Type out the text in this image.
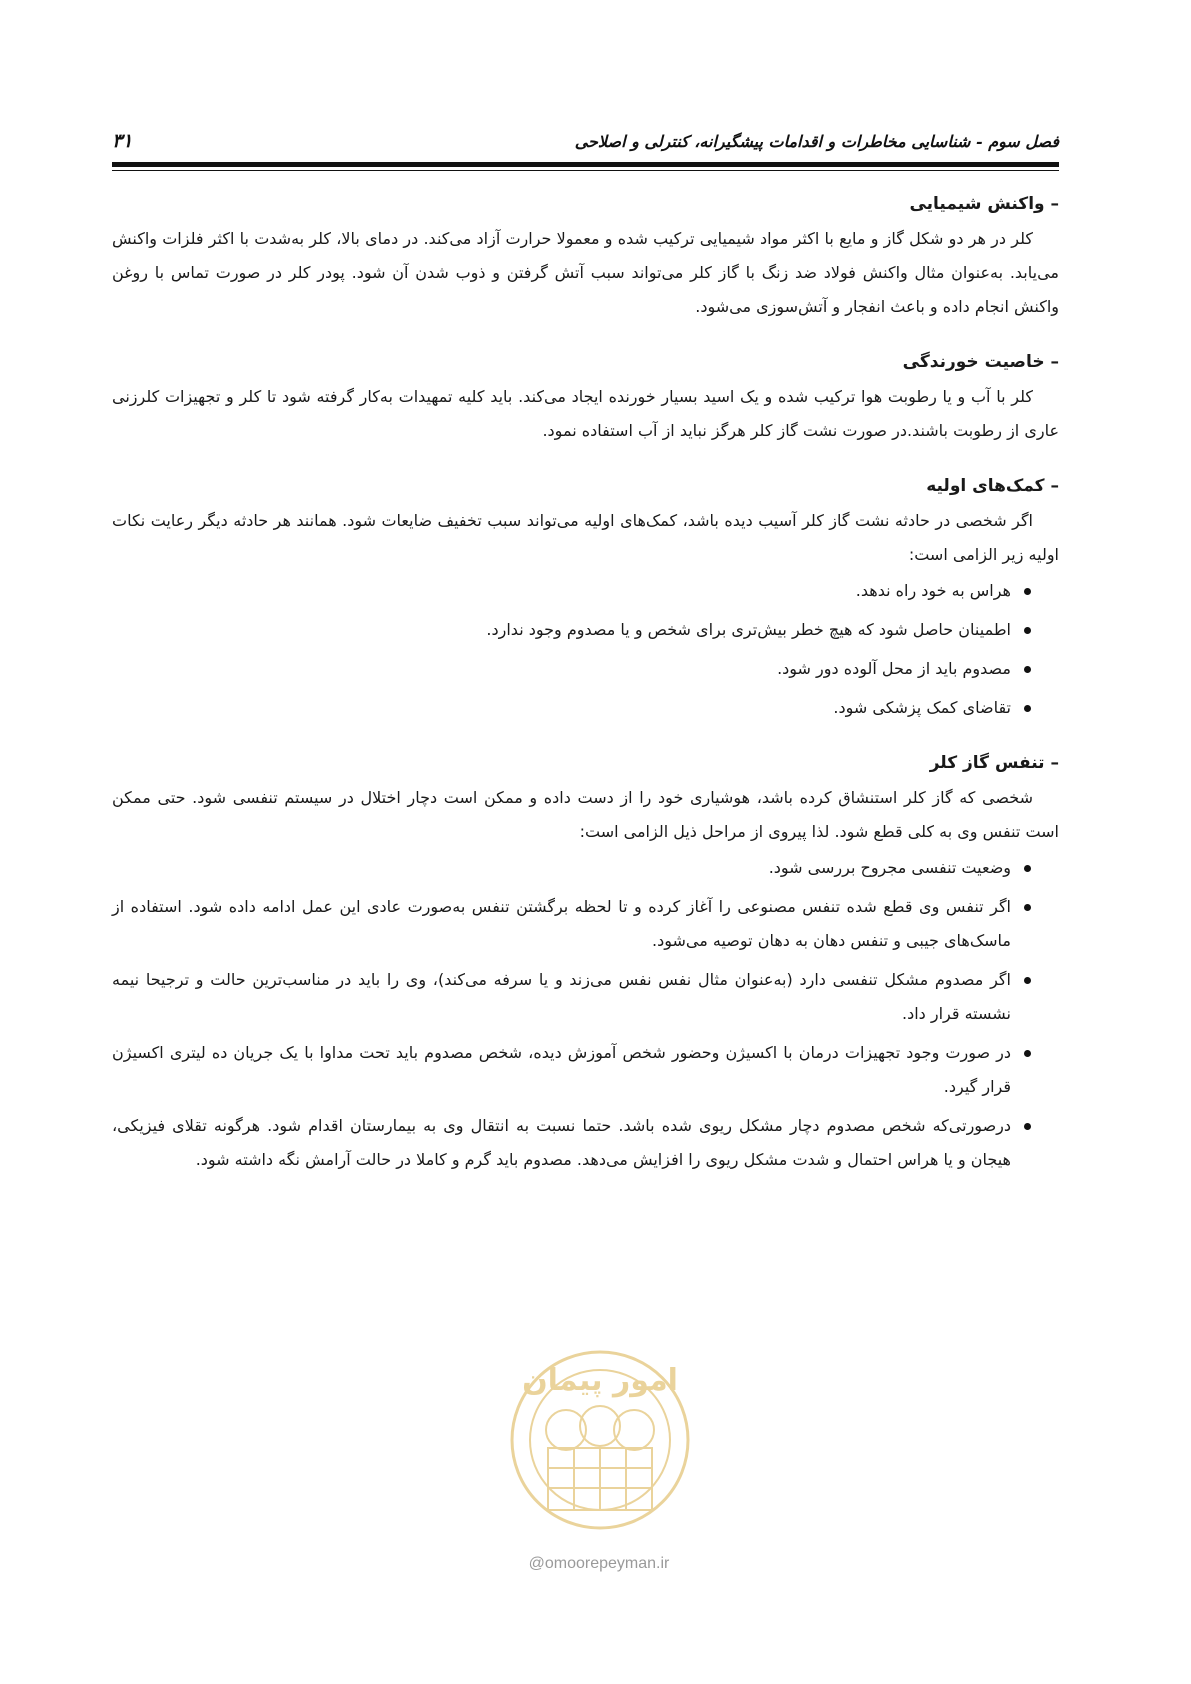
فصل سوم - شناسایی مخاطرات و اقدامات پیشگیرانه، کنترلی و اصلاحی
۳۱
– واکنش شیمیایی

کلر در هر دو شکل گاز و مایع با اکثر مواد شیمیایی ترکیب شده و معمولا حرارت آزاد می‌کند. در دمای بالا، کلر به‌شدت با اکثر فلزات واکنش می‌یابد. به‌عنوان مثال واکنش فولاد ضد زنگ با گاز کلر می‌تواند سبب آتش گرفتن و ذوب شدن آن شود. پودر کلر در صورت تماس با روغن واکنش انجام داده و باعث انفجار و آتش‌سوزی می‌شود.

– خاصیت خورندگی

کلر با آب و یا رطوبت هوا ترکیب شده و یک اسید بسیار خورنده ایجاد می‌کند. باید کلیه تمهیدات به‌کار گرفته شود تا کلر و تجهیزات کلرزنی عاری از رطوبت باشند.در صورت نشت گاز کلر هرگز نباید از آب استفاده نمود.

– کمک‌های اولیه

اگر شخصی در حادثه نشت گاز کلر آسیب دیده باشد، کمک‌های اولیه می‌تواند سبب تخفیف ضایعات شود. همانند هر حادثه دیگر رعایت نکات اولیه زیر الزامی است:

هراس به خود راه ندهد.
اطمینان حاصل شود که هیچ خطر بیش‌تری برای شخص و یا مصدوم وجود ندارد.
مصدوم باید از محل آلوده دور شود.
تقاضای کمک پزشکی شود.
– تنفس گاز کلر

شخصی که گاز کلر استنشاق کرده باشد، هوشیاری خود را از دست داده و ممکن است دچار اختلال در سیستم تنفسی شود. حتی ممکن است تنفس وی به کلی قطع شود. لذا پیروی از مراحل ذیل الزامی است:

وضعیت تنفسی مجروح بررسی شود.
اگر تنفس وی قطع شده تنفس مصنوعی را آغاز کرده و تا لحظه برگشتن تنفس به‌صورت عادی این عمل ادامه داده شود. استفاده از ماسک‌های جیبی و تنفس دهان به دهان توصیه می‌شود.
اگر مصدوم مشکل تنفسی دارد (به‌عنوان مثال نفس نفس می‌زند و یا سرفه می‌کند)، وی را باید در مناسب‌ترین حالت و ترجیحا نیمه نشسته قرار داد.
در صورت وجود تجهیزات درمان با اکسیژن وحضور شخص آموزش دیده، شخص مصدوم باید تحت مداوا با یک جریان ده لیتری اکسیژن قرار گیرد.
درصورتی‌که شخص مصدوم دچار مشکل ریوی شده باشد. حتما نسبت به انتقال وی به بیمارستان اقدام شود. هرگونه تقلای فیزیکی، هیجان و یا هراس احتمال و شدت مشکل ریوی را افزایش می‌دهد. مصدوم باید گرم و کاملا در حالت آرامش نگه داشته شود.
امور پیمان
@omoorepeyman.ir
